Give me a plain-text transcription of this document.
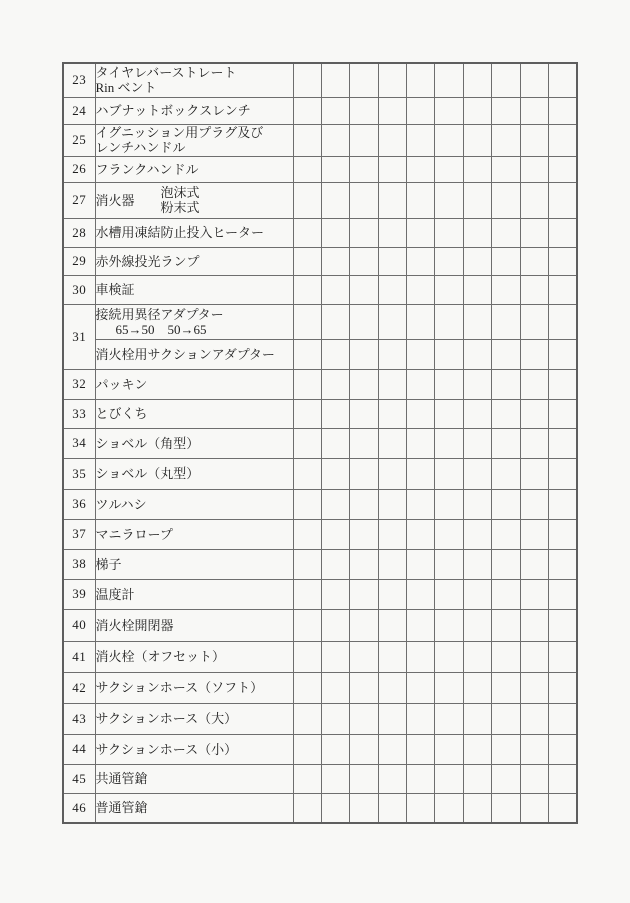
23	タイヤレバーストレート
Rin ベント										

24	ハブナットボックスレンチ										

25	イグニッション用プラグ及び
レンチハンドル										

26	フランクハンドル										

27	消火器 泡沫式
粉末式										

28	水槽用凍結防止投入ヒーター										

29	赤外線投光ランプ										

30	車検証										

31	接続用異径アダプター
65→50　50→65										

	消火栓用サクションアダプター										

32	パッキン										

33	とびくち										

34	ショベル（角型）										

35	ショベル（丸型）										

36	ツルハシ										

37	マニラロープ										

38	梯子										

39	温度計										

40	消火栓開閉器										

41	消火栓（オフセット）										

42	サクションホース（ソフト）										

43	サクションホース（大）										

44	サクションホース（小）										

45	共通管鎗										

46	普通管鎗										
